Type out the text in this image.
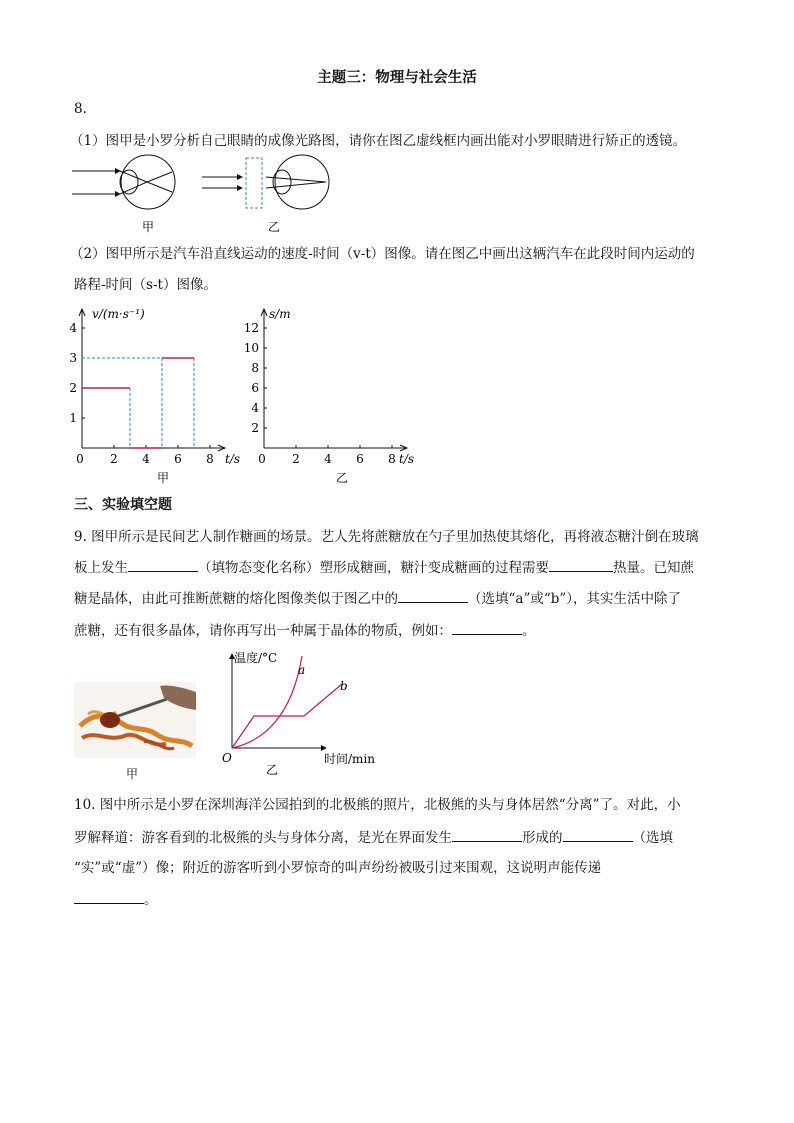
主题三：物理与社会生活
8.
（1）图甲是小罗分析自己眼睛的成像光路图，请你在图乙虚线框内画出能对小罗眼睛进行矫正的透镜。
甲	乙
（2）图甲所示是汽车沿直线运动的速度-时间（v-t）图像。请在图乙中画出这辆汽车在此段时间内运动的
路程-时间（s-t）图像。
1
2
3
4
0 2 4 6 8
v/(m·s⁻¹)
t/s
甲
2
4
6
8
10
12
0 2 4 6 8
s/m
t/s
乙
三、实验填空题
9. 图甲所示是民间艺人制作糖画的场景。艺人先将蔗糖放在勺子里加热使其熔化，再将液态糖汁倒在玻璃
板上发生	（填物态变化名称）塑形成糖画，糖汁变成糖画的过程需要	热量。已知蔗
糖是晶体，由此可推断蔗糖的熔化图像类似于图乙中的	（选填“a”或“b”），其实生活中除了
蔗糖，还有很多晶体，请你再写出一种属于晶体的物质，例如：	。
甲
温度/°C
a
b
O	时间/min
乙
10. 图中所示是小罗在深圳海洋公园拍到的北极熊的照片，北极熊的头与身体居然“分离”了。对此，小
罗解释道：游客看到的北极熊的头与身体分离，是光在界面发生	形成的	（选填
“实”或“虚”）像；附近的游客听到小罗惊奇的叫声纷纷被吸引过来围观，这说明声能传递
。
